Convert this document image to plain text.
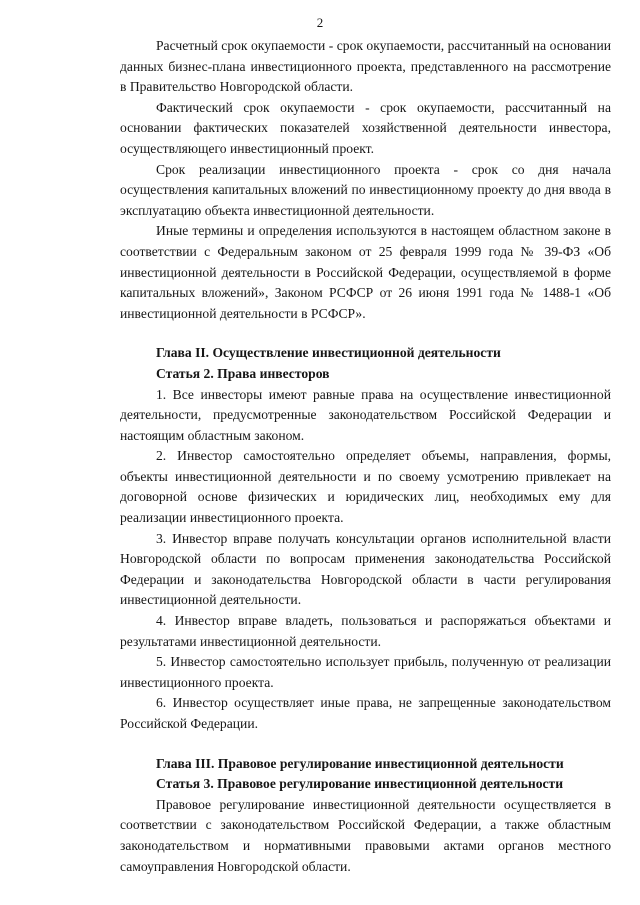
2

Расчетный срок окупаемости - срок окупаемости, рассчитанный на основании данных бизнес-плана инвестиционного проекта, представленного на рассмотрение в Правительство Новгородской области.

Фактический срок окупаемости - срок окупаемости, рассчитанный на основании фактических показателей хозяйственной деятельности инвестора, осуществляющего инвестиционный проект.

Срок реализации инвестиционного проекта - срок со дня начала осуществления капитальных вложений по инвестиционному проекту до дня ввода в эксплуатацию объекта инвестиционной деятельности.

Иные термины и определения используются в настоящем областном законе в соответствии с Федеральным законом от 25 февраля 1999 года № 39-ФЗ «Об инвестиционной деятельности в Российской Федерации, осуществляемой в форме капитальных вложений», Законом РСФСР от 26 июня 1991 года № 1488-1 «Об инвестиционной деятельности в РСФСР».

Глава II. Осуществление инвестиционной деятельности
Статья 2. Права инвесторов

1. Все инвесторы имеют равные права на осуществление инвестиционной деятельности, предусмотренные законодательством Российской Федерации и настоящим областным законом.

2. Инвестор самостоятельно определяет объемы, направления, формы, объекты инвестиционной деятельности и по своему усмотрению привлекает на договорной основе физических и юридических лиц, необходимых ему для реализации инвестиционного проекта.

3. Инвестор вправе получать консультации органов исполнительной власти Новгородской области по вопросам применения законодательства Российской Федерации и законодательства Новгородской области в части регулирования инвестиционной деятельности.

4. Инвестор вправе владеть, пользоваться и распоряжаться объектами и результатами инвестиционной деятельности.

5. Инвестор самостоятельно использует прибыль, полученную от реализации инвестиционного проекта.

6. Инвестор осуществляет иные права, не запрещенные законодательством Российской Федерации.

Глава III. Правовое регулирование инвестиционной деятельности
Статья 3. Правовое регулирование инвестиционной деятельности

Правовое регулирование инвестиционной деятельности осуществляется в соответствии с законодательством Российской Федерации, а также областным законодательством и нормативными правовыми актами органов местного самоуправления Новгородской области.
